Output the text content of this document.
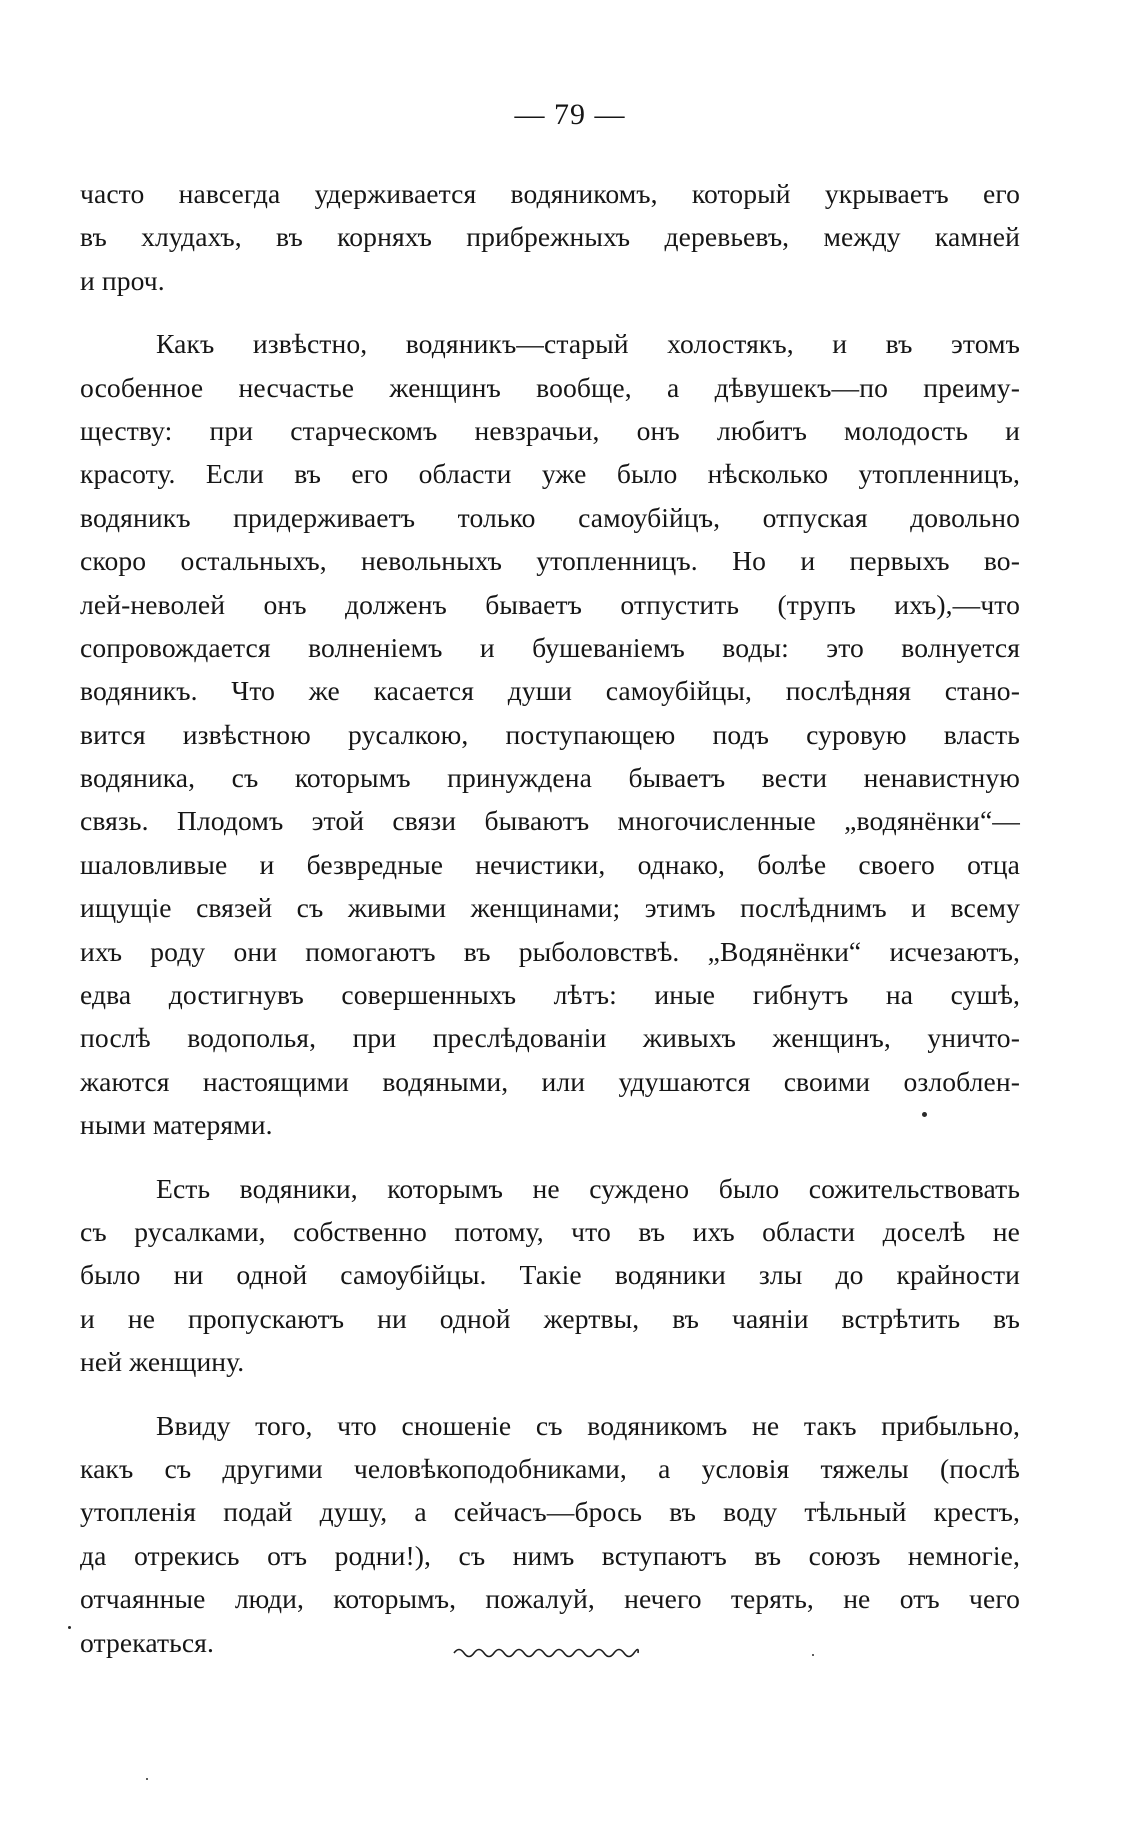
— 79 —

часто навсегда удерживается водяникомъ, который укрываетъ его
въ хлудахъ, въ корняхъ прибрежныхъ деревьевъ, между камней
и проч.

Какъ извѣстно, водяникъ—старый холостякъ, и въ этомъ
особенное несчастье женщинъ вообще, а дѣвушекъ—по преиму-
ществу: при старческомъ невзрачьи, онъ любитъ молодость и
красоту. Если въ его области уже было нѣсколько утопленницъ,
водяникъ придерживаетъ только самоубійцъ, отпуская довольно
скоро остальныхъ, невольныхъ утопленницъ. Но и первыхъ во-
лей-неволей онъ долженъ бываетъ отпустить (трупъ ихъ),—что
сопровождается волненіемъ и бушеваніемъ воды: это волнуется
водяникъ. Что же касается души самоубійцы, послѣдняя стано-
вится извѣстною русалкою, поступающею подъ суровую власть
водяника, съ которымъ принуждена бываетъ вести ненавистную
связь. Плодомъ этой связи бываютъ многочисленные „водянёнки“—
шаловливые и безвредные нечистики, однако, болѣе своего отца
ищущіе связей съ живыми женщинами; этимъ послѣднимъ и всему
ихъ роду они помогаютъ въ рыболовствѣ. „Водянёнки“ исчезаютъ,
едва достигнувъ совершенныхъ лѣтъ: иные гибнутъ на сушѣ,
послѣ водополья, при преслѣдованіи живыхъ женщинъ, уничто-
жаются настоящими водяными, или удушаются своими озлоблен-
ными матерями.

Есть водяники, которымъ не суждено было сожительствовать
съ русалками, собственно потому, что въ ихъ области доселѣ не
было ни одной самоубійцы. Такіе водяники злы до крайности
и не пропускаютъ ни одной жертвы, въ чаяніи встрѣтить въ
ней женщину.

Ввиду того, что сношеніе съ водяникомъ не такъ прибыльно,
какъ съ другими человѣкоподобниками, а условія тяжелы (послѣ
утопленія подай душу, а сейчасъ—брось въ воду тѣльный крестъ,
да отрекись отъ родни!), съ нимъ вступаютъ въ союзъ немногіе,
отчаянные люди, которымъ, пожалуй, нечего терять, не отъ чего
отрекаться.
